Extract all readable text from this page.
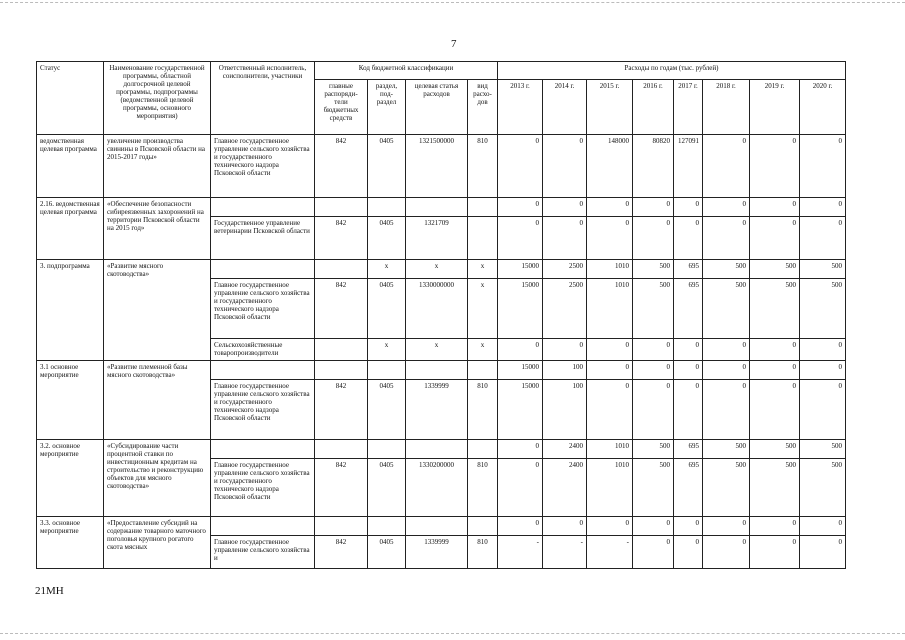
7
Статус	Наименование государственной программы, областной долгосрочной целевой программы, подпрограммы (ведомственной целевой программы, основного мероприятия)	Ответственный исполнитель, соисполнители, участники	Код бюджетной классификации				Расходы по годам (тыс. рублей)							
			главные распоряди- тели бюджетных средств	раздел, под- раздел	целевая статья расходов	вид расхо- дов	2013 г.	2014 г.	2015 г.	2016 г.	2017 г.	2018 г.	2019 г.	2020 г.
ведомственная целевая программа	увеличение производства свинины в Псковской области на 2015-2017 годы»	Главное государственное управление сельского хозяйства и государственного технического надзора Псковской области	842	0405	1321500000	810	0	0	148000	80820	127091	0	0	0
2.16. ведомственная целевая программа	«Обеспечение безопасности сибиреязвенных захоронений на территории Псковской области на 2015 год»						0	0	0	0	0	0	0	0
		Государственное управление ветеринарии Псковской области	842	0405	1321709		0	0	0	0	0	0	0	0
3. подпрограмма	«Развитие мясного скотоводства»			x	x	x	15000	2500	1010	500	695	500	500	500
		Главное государственное управление сельского хозяйства и государственного технического надзора Псковской области	842	0405	1330000000	x	15000	2500	1010	500	695	500	500	500
		Сельскохозяйственные товаропроизводители		x	x	x	0	0	0	0	0	0	0	0
3.1 основное мероприятие	«Развитие племенной базы мясного скотоводства»						15000	100	0	0	0	0	0	0
		Главное государственное управление сельского хозяйства и государственного технического надзора Псковской области	842	0405	1339999	810	15000	100	0	0	0	0	0	0
3.2. основное мероприятие	«Субсидирование части процентной ставки по инвестиционным кредитам на строительство и реконструкцию объектов для мясного скотоводства»						0	2400	1010	500	695	500	500	500
		Главное государственное управление сельского хозяйства и государственного технического надзора Псковской области	842	0405	1330200000	810	0	2400	1010	500	695	500	500	500
3.3. основное мероприятие	«Предоставление субсидий на содержание товарного маточного поголовья крупного рогатого скота мясных						0	0	0	0	0	0	0	0
		Главное государственное управление сельского хозяйства и	842	0405	1339999	810	-	-	-	0	0	0	0	0
21МН
